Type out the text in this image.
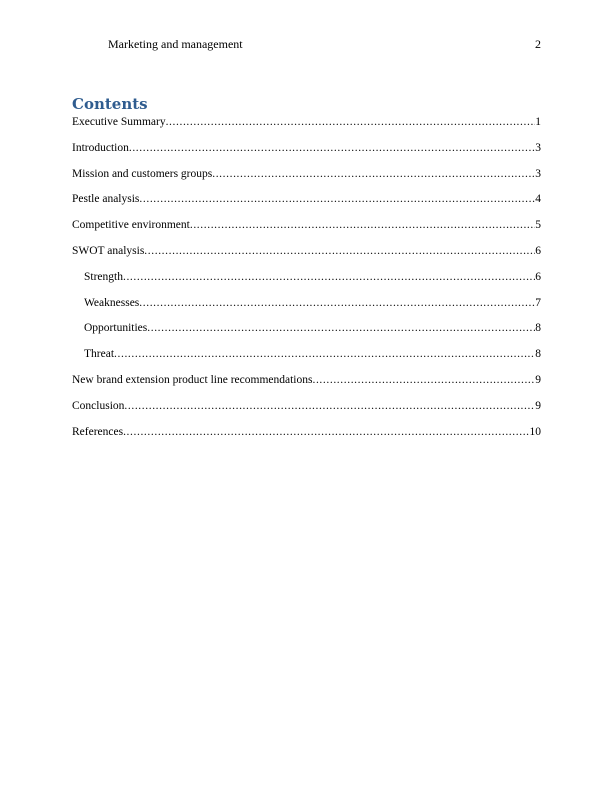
Marketing and management	2
Contents
Executive Summary .....	1
Introduction .....	3
Mission and customers groups .....	3
Pestle analysis .....	4
Competitive environment .....	5
SWOT analysis .....	6
Strength .....	6
Weaknesses .....	7
Opportunities .....	8
Threat .....	8
New brand extension product line recommendations .....	9
Conclusion .....	9
References .....	10
